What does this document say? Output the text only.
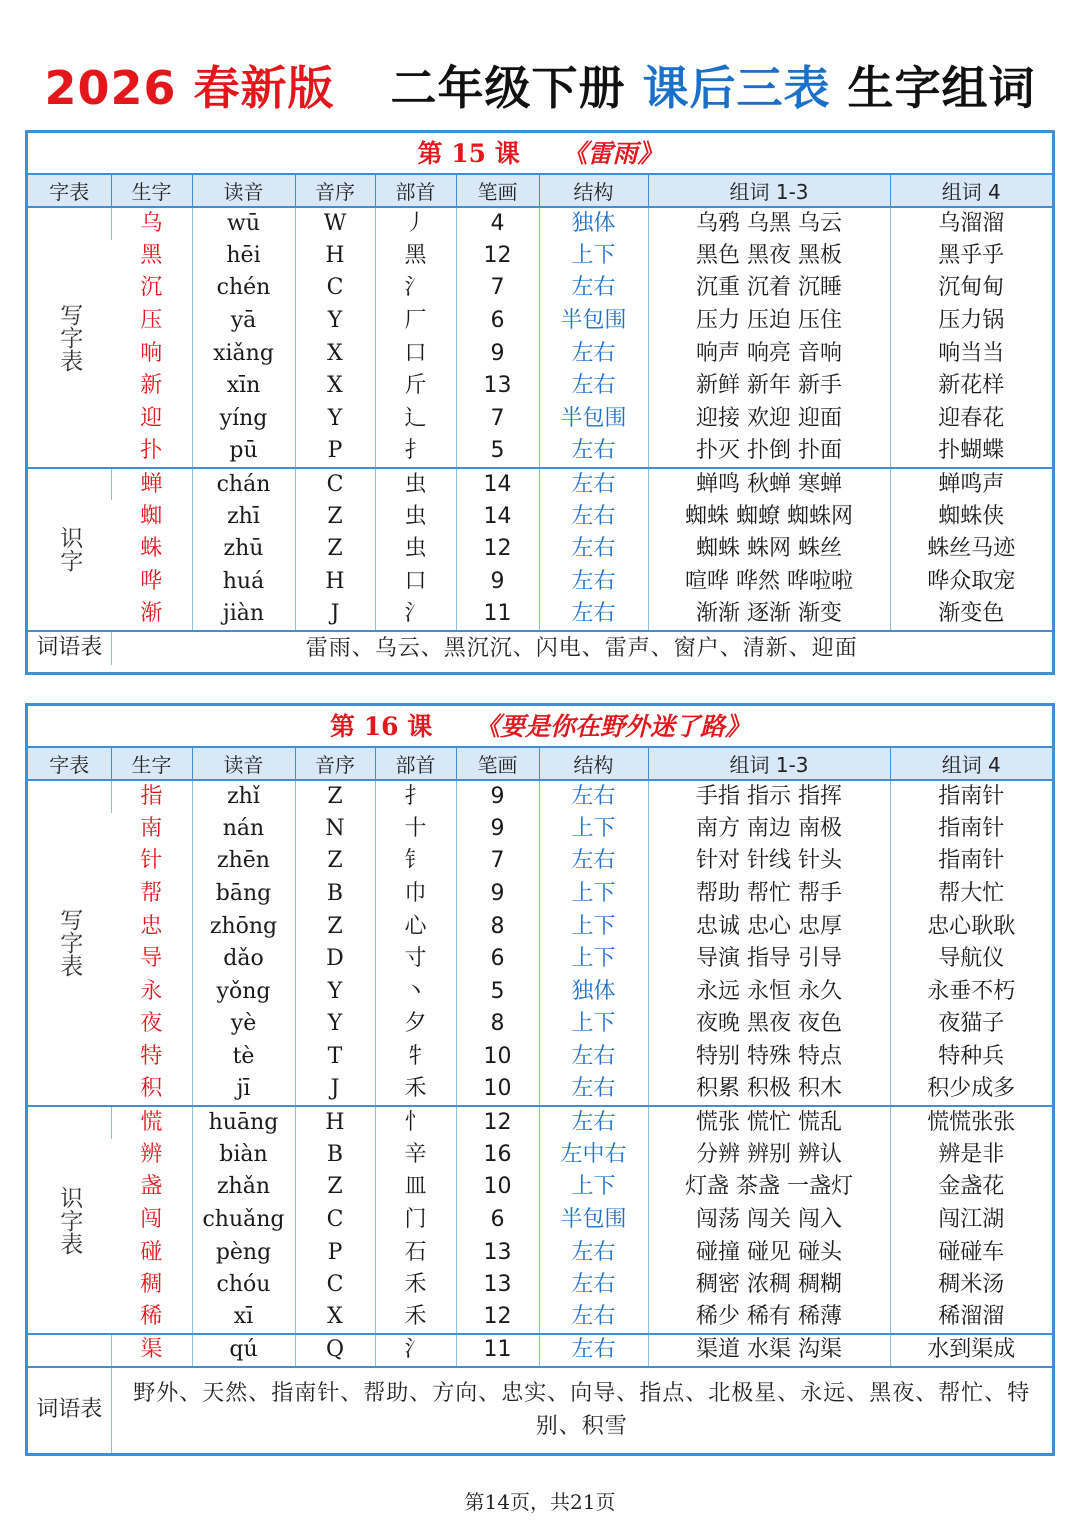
2026 春新版 二年级下册 课后三表 生字组词
第 15 课 《雷雨》
字表	生字	读音	音序	部首	笔画	结构	组词 1-3	组词 4
写字表	乌	wū	W	丿	4	独体	乌鸦 乌黑 乌云	乌溜溜
	黑	hēi	H	黑	12	上下	黑色 黑夜 黑板	黑乎乎
	沉	chén	C	氵	7	左右	沉重 沉着 沉睡	沉甸甸
	压	yā	Y	厂	6	半包围	压力 压迫 压住	压力锅
	响	xiǎng	X	口	9	左右	响声 响亮 音响	响当当
	新	xīn	X	斤	13	左右	新鲜 新年 新手	新花样
	迎	yíng	Y	辶	7	半包围	迎接 欢迎 迎面	迎春花
	扑	pū	P	扌	5	左右	扑灭 扑倒 扑面	扑蝴蝶
识字	蝉	chán	C	虫	14	左右	蝉鸣 秋蝉 寒蝉	蝉鸣声
	蜘	zhī	Z	虫	14	左右	蜘蛛 蜘蟟 蜘蛛网	蜘蛛侠
	蛛	zhū	Z	虫	12	左右	蜘蛛 蛛网 蛛丝	蛛丝马迹
	哗	huá	H	口	9	左右	喧哗 哗然 哗啦啦	哗众取宠
	渐	jiàn	J	氵	11	左右	渐渐 逐渐 渐变	渐变色
词语表	雷雨、乌云、黑沉沉、闪电、雷声、窗户、清新、迎面							
第 16 课 《要是你在野外迷了路》
字表	生字	读音	音序	部首	笔画	结构	组词 1-3	组词 4
写字表	指	zhǐ	Z	扌	9	左右	手指 指示 指挥	指南针
	南	nán	N	十	9	上下	南方 南边 南极	指南针
	针	zhēn	Z	钅	7	左右	针对 针线 针头	指南针
	帮	bāng	B	巾	9	上下	帮助 帮忙 帮手	帮大忙
	忠	zhōng	Z	心	8	上下	忠诚 忠心 忠厚	忠心耿耿
	导	dǎo	D	寸	6	上下	导演 指导 引导	导航仪
	永	yǒng	Y	丶	5	独体	永远 永恒 永久	永垂不朽
	夜	yè	Y	夕	8	上下	夜晚 黑夜 夜色	夜猫子
	特	tè	T	牜	10	左右	特别 特殊 特点	特种兵
	积	jī	J	禾	10	左右	积累 积极 积木	积少成多
识字表	慌	huāng	H	忄	12	左右	慌张 慌忙 慌乱	慌慌张张
	辨	biàn	B	辛	16	左中右	分辨 辨别 辨认	辨是非
	盏	zhǎn	Z	皿	10	上下	灯盏 茶盏 一盏灯	金盏花
	闯	chuǎng	C	门	6	半包围	闯荡 闯关 闯入	闯江湖
	碰	pèng	P	石	13	左右	碰撞 碰见 碰头	碰碰车
	稠	chóu	C	禾	13	左右	稠密 浓稠 稠糊	稠米汤
	稀	xī	X	禾	12	左右	稀少 稀有 稀薄	稀溜溜
	渠	qú	Q	氵	11	左右	渠道 水渠 沟渠	水到渠成
词语表	野外、天然、指南针、帮助、方向、忠实、向导、指点、北极星、永远、黑夜、帮忙、特别、积雪							
第14页，共21页
